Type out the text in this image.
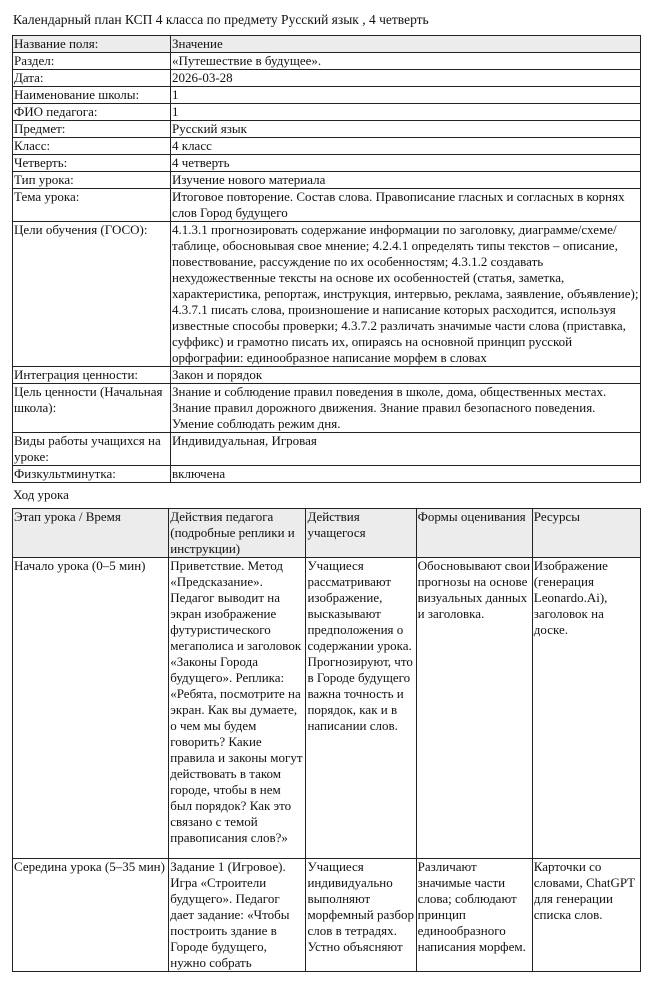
Календарный план КСП 4 класса по предмету Русский язык , 4 четверть
Название поля:	Значение
Раздел:	«Путешествие в будущее».
Дата:	2026-03-28
Наименование школы:	1
ФИО педагога:	1
Предмет:	Русский язык
Класс:	4 класс
Четверть:	4 четверть
Тип урока:	Изучение нового материала
Тема урока:	Итоговое повторение. Состав слова. Правописание гласных и согласных в корнях слов Город будущего
Цели обучения (ГОСО):	4.1.3.1 прогнозировать содержание информации по заголовку, диаграмме/схеме/таблице, обосновывая свое мнение; 4.2.4.1 определять типы текстов – описание, повествование, рассуждение по их особенностям; 4.3.1.2 создавать нехудожественные тексты на основе их особенностей (статья, заметка, характеристика, репортаж, инструкция, интервью, реклама, заявление, объявление); 4.3.7.1 писать слова, произношение и написание которых расходится, используя известные способы проверки; 4.3.7.2 различать значимые части слова (приставка, суффикс) и грамотно писать их, опираясь на основной принцип русской орфографии: единообразное написание морфем в словах
Интеграция ценности:	Закон и порядок
Цель ценности (Начальная школа):	Знание и соблюдение правил поведения в школе, дома, общественных местах. Знание правил дорожного движения. Знание правил безопасного поведения. Умение соблюдать режим дня.
Виды работы учащихся на уроке:	Индивидуальная, Игровая
Физкультминутка:	включена
Ход урока
Этап урока / Время	Действия педагога (подробные реплики и инструкции)	Действия учащегося	Формы оценивания	Ресурсы
Начало урока (0–5 мин)	Приветствие. Метод «Предсказание». Педагог выводит на экран изображение футуристического мегаполиса и заголовок «Законы Города будущего». Реплика: «Ребята, посмотрите на экран. Как вы думаете, о чем мы будем говорить? Какие правила и законы могут действовать в таком городе, чтобы в нем был порядок? Как это связано с темой правописания слов?»	Учащиеся рассматривают изображение, высказывают предположения о содержании урока. Прогнозируют, что в Городе будущего важна точность и порядок, как и в написании слов.	Обосновывают свои прогнозы на основе визуальных данных и заголовка.	Изображение (генерация Leonardo.Ai), заголовок на доске.

Середина урока (5–35 мин)	Задание 1 (Игровое). Игра «Строители будущего». Педагог дает задание: «Чтобы построить здание в Городе будущего, нужно собрать	Учащиеся индивидуально выполняют морфемный разбор слов в тетрадях. Устно объясняют	Различают значимые части слова; соблюдают принцип единообразного написания морфем.	Карточки со словами, ChatGPT для генерации списка слов.
